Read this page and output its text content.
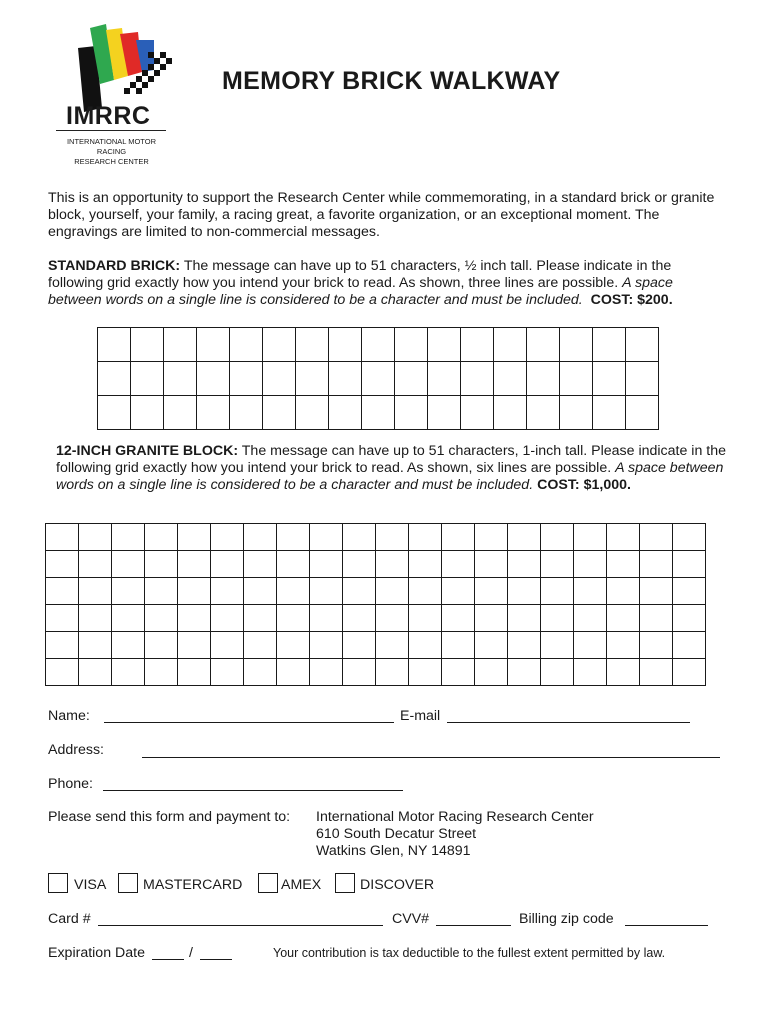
IMRRC
INTERNATIONAL MOTOR RACING
RESEARCH CENTER
MEMORY BRICK WALKWAY

This is an opportunity to support the Research Center while commemorating, in a standard brick or granite block, yourself, your family, a racing great, a favorite organization, or an exceptional moment. The engravings are limited to non-commercial messages.

STANDARD BRICK: The message can have up to 51 characters, ½ inch tall. Please indicate in the following grid exactly how you intend your brick to read. As shown, three lines are possible. A space between words on a single line is considered to be a character and must be included. COST: $200.

12-INCH GRANITE BLOCK: The message can have up to 51 characters, 1-inch tall. Please indicate in the following grid exactly how you intend your brick to read. As shown, six lines are possible. A space between words on a single line is considered to be a character and must be included. COST: $1,000.

Name:	E-mail
Address:
Phone:
Please send this form and payment to: International Motor Racing Research Center
610 South Decatur Street
Watkins Glen, NY 14891
VISA	MASTERCARD	AMEX	DISCOVER
Card #	CVV#	Billing zip code
Expiration Date	/	Your contribution is tax deductible to the fullest extent permitted by law.
